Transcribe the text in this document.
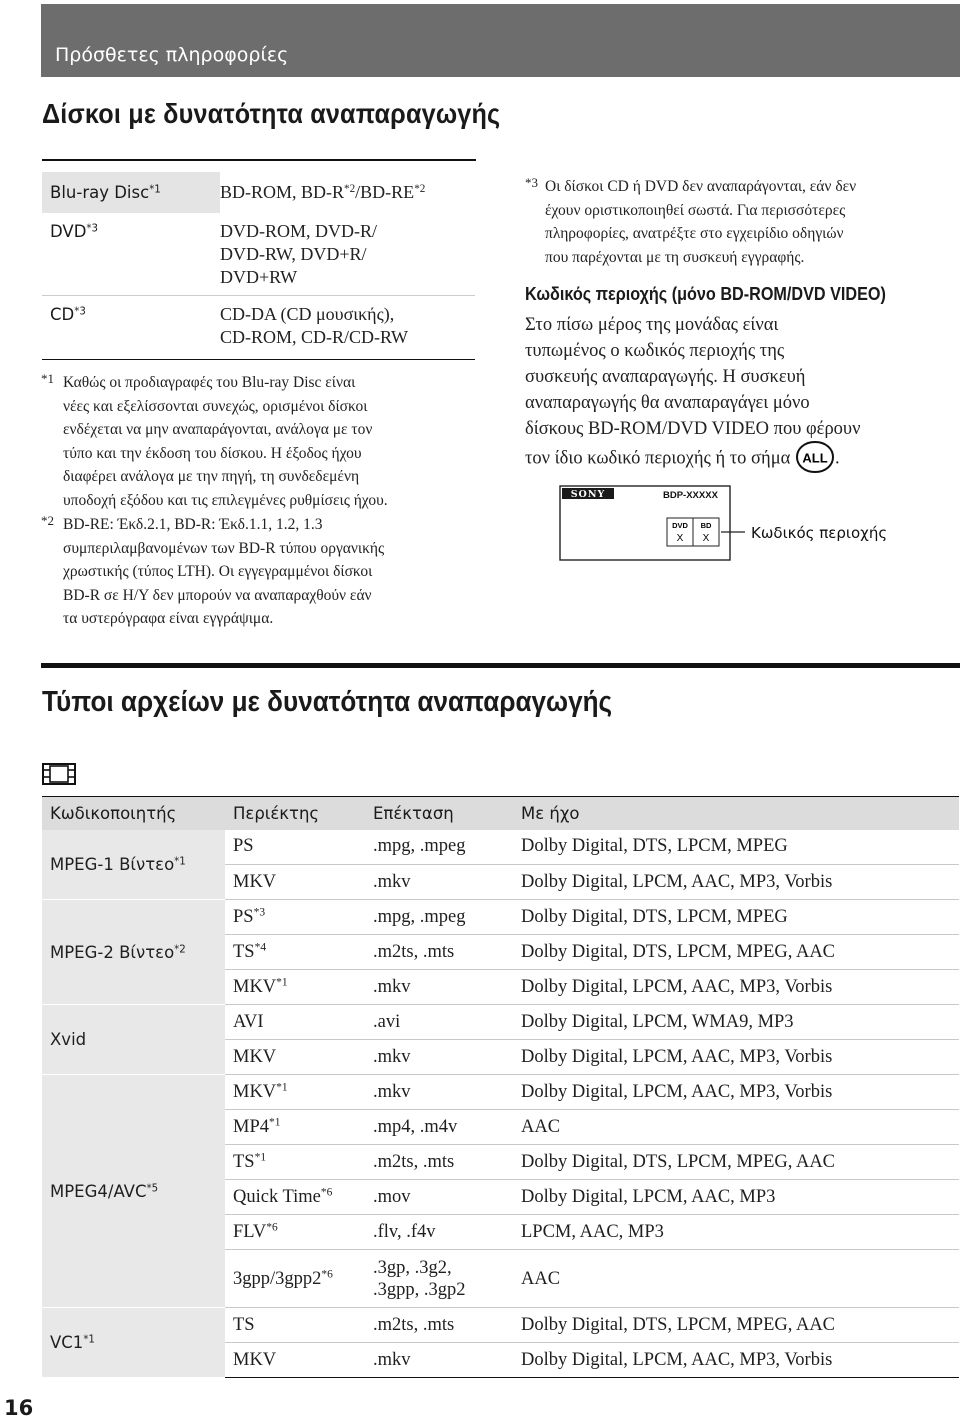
Πρόσθετες πληροφορίες
Δίσκοι με δυνατότητα αναπαραγωγής
Blu-ray Disc$^{*1}$	BD-ROM, $BD-R^{*2}/BD-RE^{*2}$
DVD$^{*3}$	DVD-ROM, DVD-R/
DVD-RW, DVD+R/
DVD+RW

CD$^{*3}$	CD-DA (CD μουσικής),
CD-ROM, CD-R/CD-RW
*1 Καθώς οι προδιαγραφές του Blu-ray Disc είναι
νέες και εξελίσσονται συνεχώς, ορισμένοι δίσκοι
ενδέχεται να μην αναπαράγονται, ανάλογα με τον
τύπο και την έκδοση του δίσκου. Η έξοδος ήχου
διαφέρει ανάλογα με την πηγή, τη συνδεδεμένη
υποδοχή εξόδου και τις επιλεγμένες ρυθμίσεις ήχου.
*2 BD-RE: Έκδ.2.1, BD-R: Έκδ.1.1, 1.2, 1.3
συμπεριλαμβανομένων των BD-R τύπου οργανικής
χρωστικής (τύπος LTH). Οι εγγεγραμμένοι δίσκοι
BD-R σε Η/Υ δεν μπορούν να αναπαραχθούν εάν
τα υστερόγραφα είναι εγγράψιμα.
*3 Οι δίσκοι CD ή DVD δεν αναπαράγονται, εάν δεν
έχουν οριστικοποιηθεί σωστά. Για περισσότερες
πληροφορίες, ανατρέξτε στο εγχειρίδιο οδηγιών
που παρέχονται με τη συσκευή εγγραφής.
Κωδικός περιοχής (μόνο BD-ROM/DVD VIDEO)
Στο πίσω μέρος της μονάδας είναι
τυπωμένος ο κωδικός περιοχής της
συσκευής αναπαραγωγής. Η συσκευή
αναπαραγωγής θα αναπαραγάγει μόνο
δίσκους BD-ROM/DVD VIDEO που φέρουν
τον ίδιο κωδικό περιοχής ή το σήμα ALL .
SONY	BDP-XXXXX
DVD
X
BD
X	Κωδικός περιοχής
Τύποι αρχείων με δυνατότητα αναπαραγωγής
Κωδικοποιητής	Περιέκτης	Επέκταση	Με ήχο
MPEG-1 Βίντεο$^{*1}$	PS	.mpg, .mpeg	Dolby Digital, DTS, LPCM, MPEG
	MKV	.mkv	Dolby Digital, LPCM, AAC, MP3, Vorbis
MPEG-2 Βίντεο$^{*2}$	PS$^{*3}$	.mpg, .mpeg	Dolby Digital, DTS, LPCM, MPEG
	TS$^{*4}$	.m2ts, .mts	Dolby Digital, DTS, LPCM, MPEG, AAC
	MKV$^{*1}$	.mkv	Dolby Digital, LPCM, AAC, MP3, Vorbis
Xvid	AVI	.avi	Dolby Digital, LPCM, WMA9, MP3
	MKV	.mkv	Dolby Digital, LPCM, AAC, MP3, Vorbis
MPEG4/AVC$^{*5}$	MKV$^{*1}$	.mkv	Dolby Digital, LPCM, AAC, MP3, Vorbis
	MP4$^{*1}$	.mp4, .m4v	AAC
	TS$^{*1}$	.m2ts, .mts	Dolby Digital, DTS, LPCM, MPEG, AAC
	Quick Time$^{*6}$	.mov	Dolby Digital, LPCM, AAC, MP3
	FLV$^{*6}$	.flv, .f4v	LPCM, AAC, MP3
	3gpp/3gpp2$^{*6}$	.3gp, .3g2,
.3gpp, .3gp2	AAC
VC1$^{*1}$	TS	.m2ts, .mts	Dolby Digital, DTS, LPCM, MPEG, AAC
	MKV	.mkv	Dolby Digital, LPCM, AAC, MP3, Vorbis
16
